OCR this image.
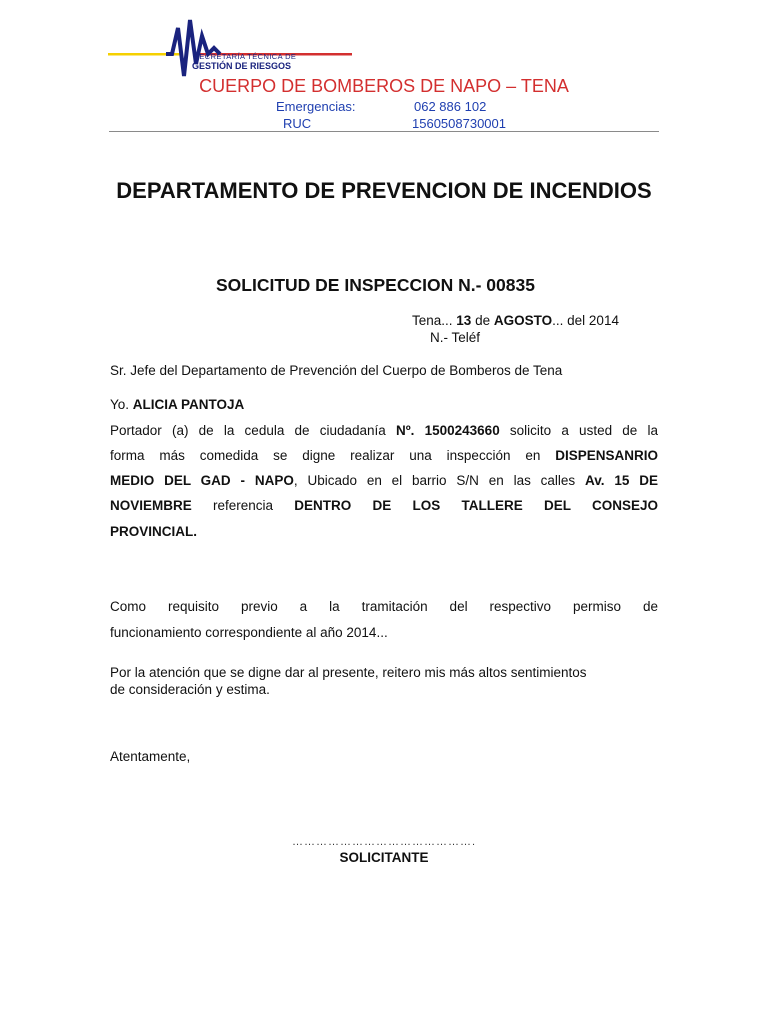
SECRETARÍA TÉCNICA DE
GESTIÓN DE RIESGOS
CUERPO DE BOMBEROS DE NAPO – TENA
Emergencias:	062 886 102
RUC	1560508730001
DEPARTAMENTO DE PREVENCION DE INCENDIOS
SOLICITUD DE INSPECCION N.- 00835
Tena... 13 de AGOSTO... del 2014
N.- Teléf
Sr. Jefe del Departamento de Prevención del Cuerpo de Bomberos de Tena
Yo. ALICIA PANTOJA
Portador (a) de la cedula de ciudadanía Nº. 1500243660 solicito a usted de la
forma más comedida se digne realizar una inspección en DISPENSANRIO
MEDIO DEL GAD - NAPO, Ubicado en el barrio S/N en las calles Av. 15 DE
NOVIEMBRE referencia DENTRO DE LOS TALLERE DEL CONSEJO
PROVINCIAL.
Como requisito previo a la tramitación del respectivo permiso de
funcionamiento correspondiente al año 2014...
Por la atención que se digne dar al presente, reitero mis más altos sentimientos
de consideración y estima.
Atentamente,
……………………………………….
SOLICITANTE
